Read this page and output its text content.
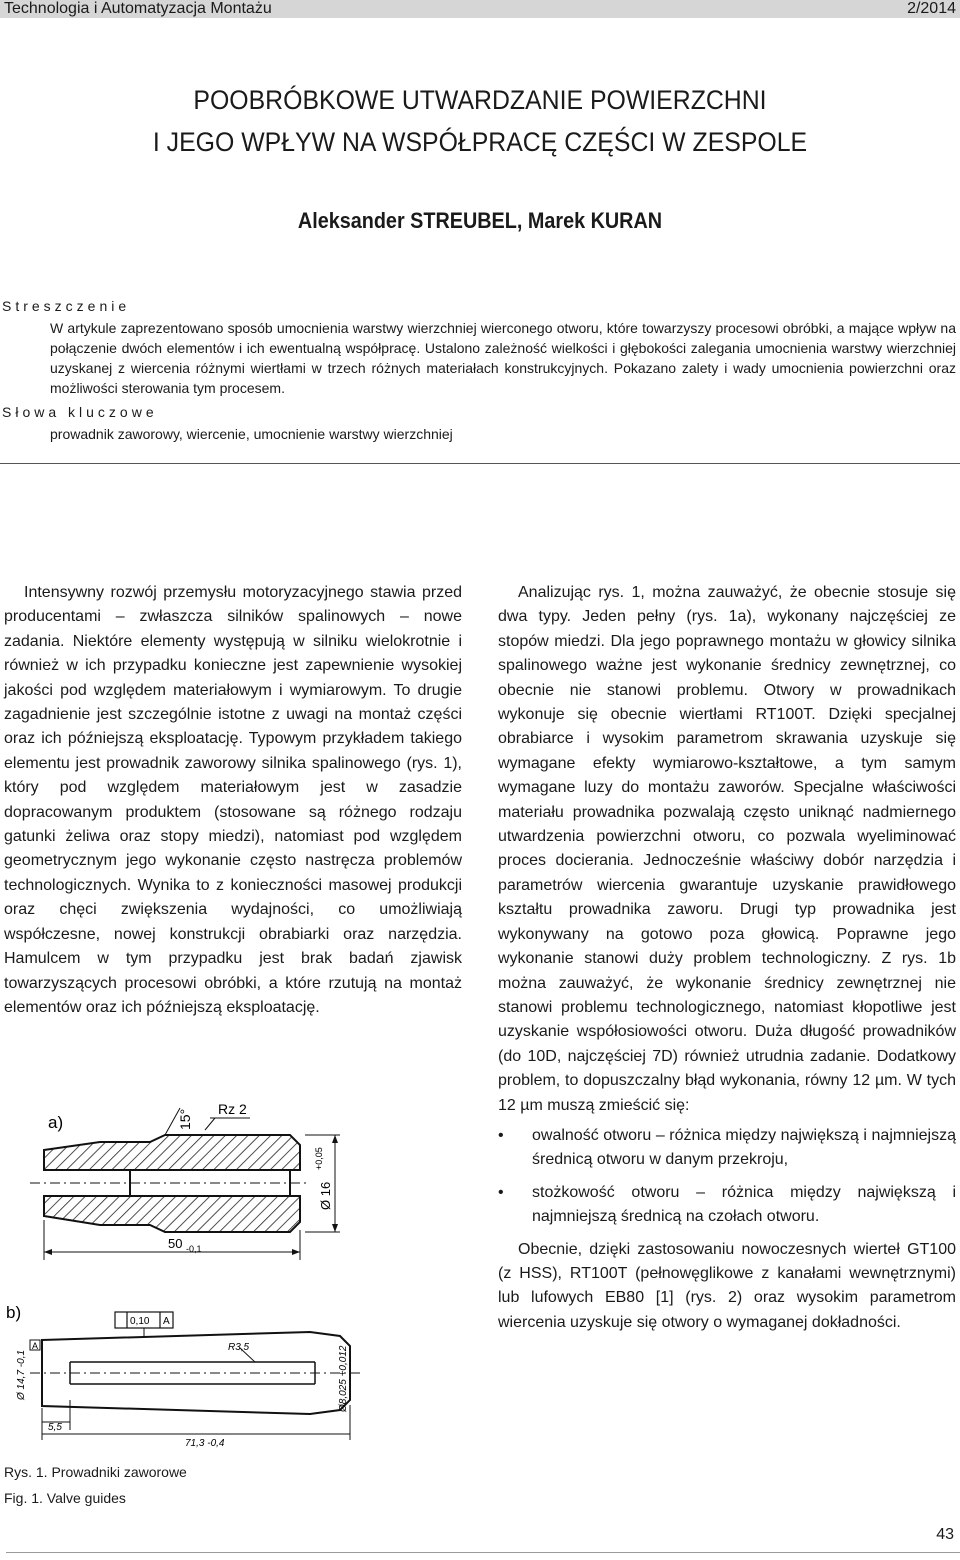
Technologia i Automatyzacja Montażu	2/2014
POOBRÓBKOWE UTWARDZANIE POWIERZCHNI
I JEGO WPŁYW NA WSPÓŁPRACĘ CZĘŚCI W ZESPOLE
Aleksander STREUBEL, Marek KURAN
Streszczenie
W artykule zaprezentowano sposób umocnienia warstwy wierzchniej wierconego otworu, które towarzyszy procesowi obróbki, a mające wpływ na połączenie dwóch elementów i ich ewentualną współpracę. Ustalono zależność wielkości i głębokości zalegania umocnienia warstwy wierzchniej uzyskanej z wiercenia różnymi wiertłami w trzech różnych materiałach konstrukcyjnych. Pokazano zalety i wady umocnienia powierzchni oraz możliwości sterowania tym procesem.
Słowa kluczowe
prowadnik zaworowy, wiercenie, umocnienie warstwy wierzchniej
Intensywny rozwój przemysłu motoryzacyjnego stawia przed producentami – zwłaszcza silników spalinowych – nowe zadania. Niektóre elementy występują w silniku wielokrotnie i również w ich przypadku konieczne jest zapewnienie wysokiej jakości pod względem materiałowym i wymiarowym. To drugie zagadnienie jest szczególnie istotne z uwagi na montaż części oraz ich późniejszą eksploatację. Typowym przykładem takiego elementu jest prowadnik zaworowy silnika spalinowego (rys. 1), który pod względem materiałowym jest w zasadzie dopracowanym produktem (stosowane są różnego rodzaju gatunki żeliwa oraz stopy miedzi), natomiast pod względem geometrycznym jego wykonanie często nastręcza problemów technologicznych. Wynika to z konieczności masowej produkcji oraz chęci zwiększenia wydajności, co umożliwiają współczesne, nowej konstrukcji obrabiarki oraz narzędzia. Hamulcem w tym przypadku jest brak badań zjawisk towarzyszących procesowi obróbki, a które rzutują na montaż elementów oraz ich późniejszą eksploatację.

Analizując rys. 1, można zauważyć, że obecnie stosuje się dwa typy. Jeden pełny (rys. 1a), wykonany najczęściej ze stopów miedzi. Dla jego poprawnego montażu w głowicy silnika spalinowego ważne jest wykonanie średnicy zewnętrznej, co obecnie nie stanowi problemu. Otwory w prowadnikach wykonuje się obecnie wiertłami RT100T. Dzięki specjalnej obrabiarce i wysokim parametrom skrawania uzyskuje się wymagane efekty wymiarowo-kształtowe, a tym samym wymagane luzy do montażu zaworów. Specjalne właściwości materiału prowadnika pozwalają często uniknąć nadmiernego utwardzenia powierzchni otworu, co pozwala wyeliminować proces docierania. Jednocześnie właściwy dobór narzędzia i parametrów wiercenia gwarantuje uzyskanie prawidłowego kształtu prowadnika zaworu. Drugi typ prowadnika jest wykonywany na gotowo poza głowicą. Poprawne jego wykonanie stanowi duży problem technologiczny. Z rys. 1b można zauważyć, że wykonanie średnicy zewnętrznej nie stanowi problemu technologicznego, natomiast kłopotliwe jest uzyskanie współosiowości otworu. Duża długość prowadników (do 10D, najczęściej 7D) również utrudnia zadanie. Dodatkowy problem, to dopuszczalny błąd wykonania, równy 12 µm. W tych 12 µm muszą zmieścić się:

• owalność otworu – różnica między największą i najmniejszą średnicą otworu w danym przekroju,
• stożkowość otworu – różnica między największą i najmniejszą średnicą na czołach otworu.

Obecnie, dzięki zastosowaniu nowoczesnych wierteł GT100 (z HSS), RT100T (pełnowęglikowe z kanałami wewnętrznymi) lub lufowych EB80 [1] (rys. 2) oraz wysokim parametrom wiercenia uzyskuje się otwory o wymaganej dokładności.

a)	15° Rz 2
Ø 16
+0,05
50 -0,1
b)	0,10 A
A
Ø 14,7 -0,1	Ø8,025 +0,012
R3,5
5,5
71,3 -0,4
Rys. 1. Prowadniki zaworowe
Fig. 1. Valve guides
43
